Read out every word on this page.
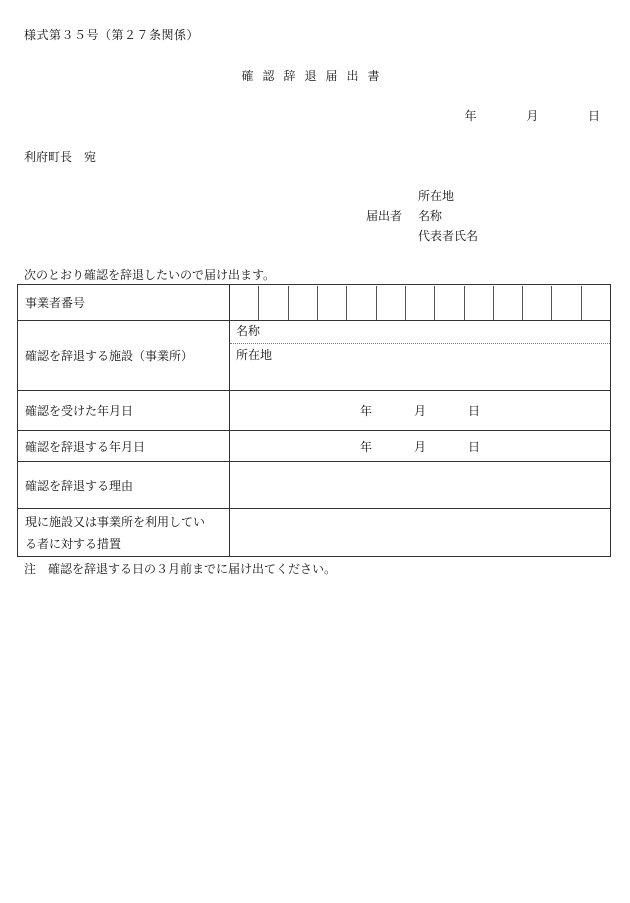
様式第３５号（第２７条関係）
確認辞退届出書
年	月	日
利府町長　宛
所在地
届出者 名称
代表者氏名
次のとおり確認を辞退したいので届け出ます。
事業者番号	

確認を辞退する施設（事業所）	名称
所在地

確認を受けた年月日	年 月 日
確認を辞退する年月日	年 月 日
確認を辞退する理由	

現に施設又は事業所を利用してい
る者に対する措置	

注　確認を辞退する日の３月前までに届け出てください。
